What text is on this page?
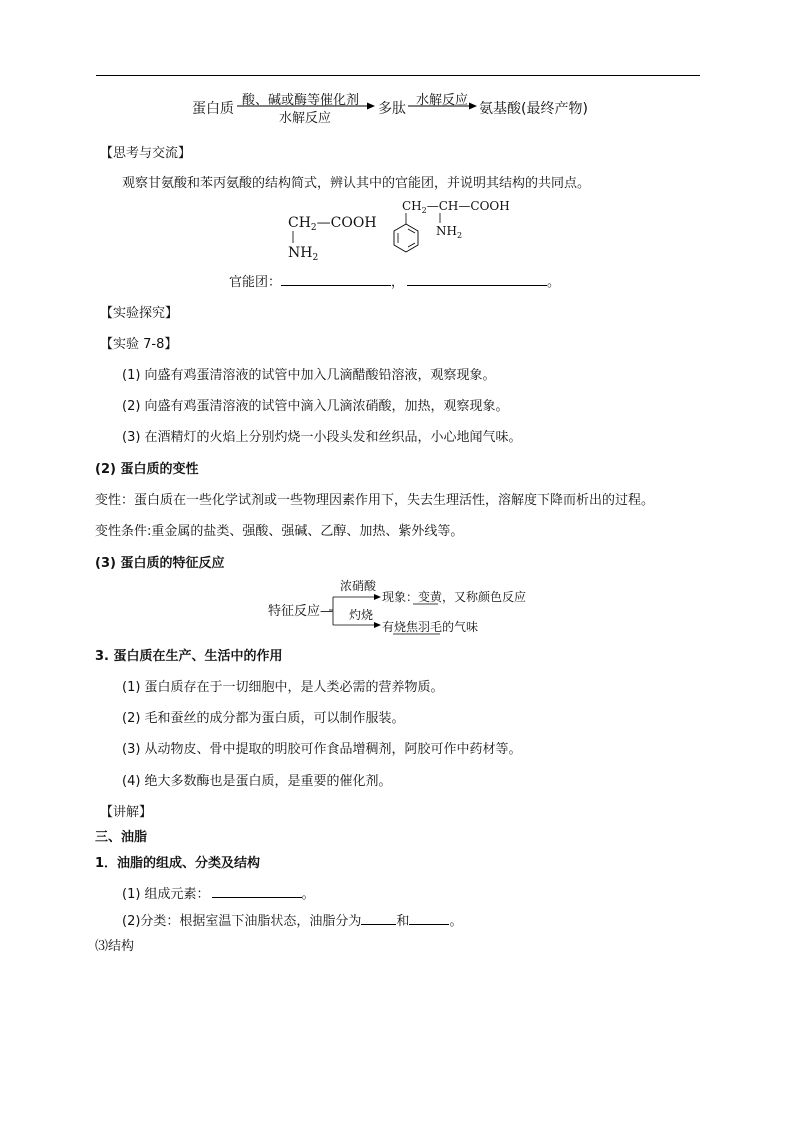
蛋白质
酸、碱或酶等催化剂
水解反应
多肽
水解反应
氨基酸(最终产物)
【思考与交流】
观察甘氨酸和苯丙氨酸的结构简式，辨认其中的官能团，并说明其结构的共同点。
$CH_2—COOH$
$NH_2$
$CH_2—CH—COOH$
$NH_2$
官能团：	，	。
【实验探究】
【实验 7-8】
(1) 向盛有鸡蛋清溶液的试管中加入几滴醋酸铅溶液，观察现象。
(2) 向盛有鸡蛋清溶液的试管中滴入几滴浓硝酸，加热，观察现象。
(3) 在酒精灯的火焰上分别灼烧一小段头发和丝织品，小心地闻气味。
(2) 蛋白质的变性
变性：蛋白质在一些化学试剂或一些物理因素作用下，失去生理活性，溶解度下降而析出的过程。
变性条件:重金属的盐类、强酸、强碱、乙醇、加热、紫外线等。
(3) 蛋白质的特征反应
特征反应—
浓硝酸
现象：变黄，又称颜色反应
灼烧
有烧焦羽毛的气味
3. 蛋白质在生产、生活中的作用
(1) 蛋白质存在于一切细胞中，是人类必需的营养物质。
(2) 毛和蚕丝的成分都为蛋白质，可以制作服装。
(3) 从动物皮、骨中提取的明胶可作食品增稠剂，阿胶可作中药材等。
(4) 绝大多数酶也是蛋白质，是重要的催化剂。
【讲解】
三、油脂
1．油脂的组成、分类及结构
(1) 组成元素：	。
(2)分类：根据室温下油脂状态，油脂分为	和	。
⑶结构
